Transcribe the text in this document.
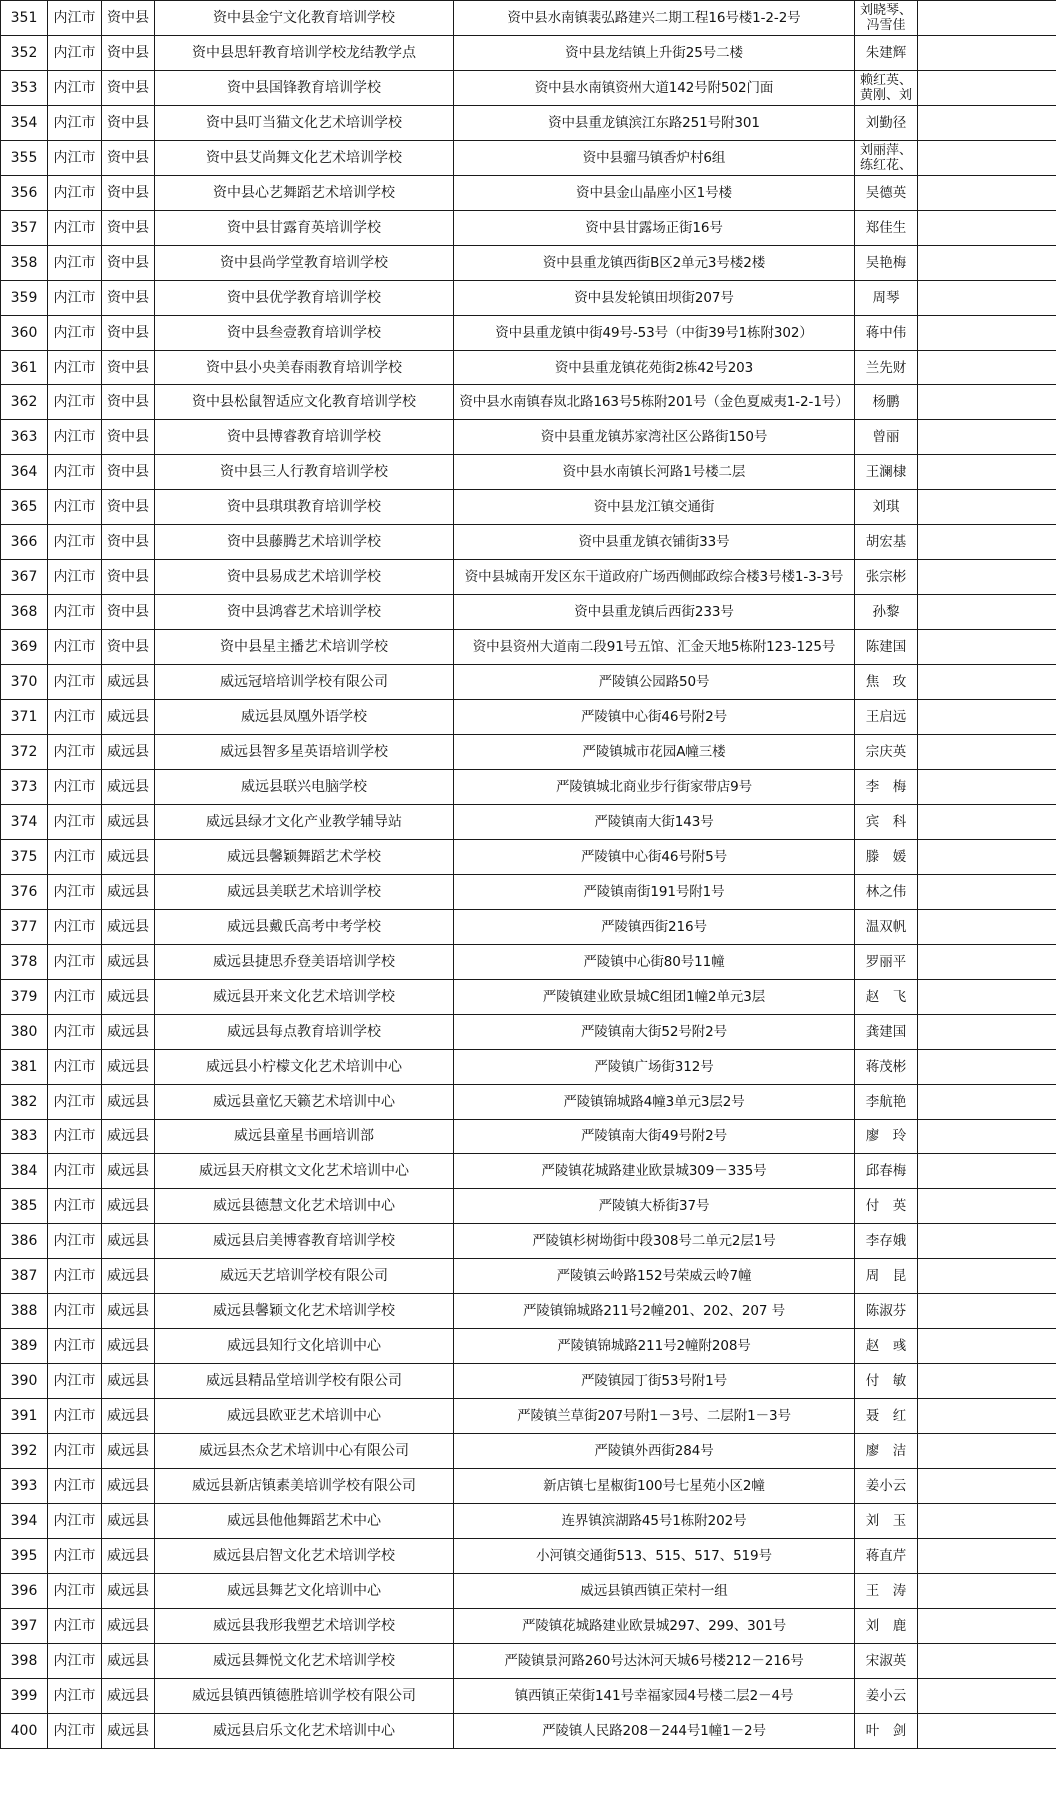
351	内江市	资中县	资中县金宁文化教育培训学校	资中县水南镇裴弘路建兴二期工程16号楼1-2-2号	刘晓琴、冯雪佳	
352	内江市	资中县	资中县思轩教育培训学校龙结教学点	资中县龙结镇上升街25号二楼	朱建辉	
353	内江市	资中县	资中县国锋教育培训学校	资中县水南镇资州大道142号附502门面	赖红英、黄刚、刘	
354	内江市	资中县	资中县叮当猫文化艺术培训学校	资中县重龙镇滨江东路251号附301	刘勤径	
355	内江市	资中县	资中县艾尚舞文化艺术培训学校	资中县骝马镇香炉村6组	刘丽萍、练红花、	
356	内江市	资中县	资中县心艺舞蹈艺术培训学校	资中县金山晶座小区1号楼	吴德英	
357	内江市	资中县	资中县甘露育英培训学校	资中县甘露场正街16号	郑佳生	
358	内江市	资中县	资中县尚学堂教育培训学校	资中县重龙镇西街B区2单元3号楼2楼	吴艳梅	
359	内江市	资中县	资中县优学教育培训学校	资中县发轮镇田坝街207号	周琴	
360	内江市	资中县	资中县叁壹教育培训学校	资中县重龙镇中街49号-53号（中街39号1栋附302）	蒋中伟	
361	内江市	资中县	资中县小央美春雨教育培训学校	资中县重龙镇花苑街2栋42号203	兰先财	
362	内江市	资中县	资中县松鼠智适应文化教育培训学校	资中县水南镇春岚北路163号5栋附201号（金色夏威夷1-2-1号）	杨鹏	
363	内江市	资中县	资中县博睿教育培训学校	资中县重龙镇苏家湾社区公路街150号	曾丽	
364	内江市	资中县	资中县三人行教育培训学校	资中县水南镇长河路1号楼二层	王澜棣	
365	内江市	资中县	资中县琪琪教育培训学校	资中县龙江镇交通街	刘琪	
366	内江市	资中县	资中县藤腾艺术培训学校	资中县重龙镇衣铺街33号	胡宏基	
367	内江市	资中县	资中县易成艺术培训学校	资中县城南开发区东干道政府广场西侧邮政综合楼3号楼1-3-3号	张宗彬	
368	内江市	资中县	资中县鸿睿艺术培训学校	资中县重龙镇后西街233号	孙黎	
369	内江市	资中县	资中县星主播艺术培训学校	资中县资州大道南二段91号五馆、汇金天地5栋附123-125号	陈建国	
370	内江市	威远县	威远冠培培训学校有限公司	严陵镇公园路50号	焦　玫	
371	内江市	威远县	威远县凤凰外语学校	严陵镇中心街46号附2号	王启远	
372	内江市	威远县	威远县智多星英语培训学校	严陵镇城市花园A幢三楼	宗庆英	
373	内江市	威远县	威远县联兴电脑学校	严陵镇城北商业步行街家带店9号	李　梅	
374	内江市	威远县	威远县绿才文化产业教学辅导站	严陵镇南大街143号	宾　科	
375	内江市	威远县	威远县馨颖舞蹈艺术学校	严陵镇中心街46号附5号	滕　媛	
376	内江市	威远县	威远县美联艺术培训学校	严陵镇南街191号附1号	林之伟	
377	内江市	威远县	威远县戴氏高考中考学校	严陵镇西街216号	温双帆	
378	内江市	威远县	威远县捷思乔登美语培训学校	严陵镇中心街80号11幢	罗丽平	
379	内江市	威远县	威远县开来文化艺术培训学校	严陵镇建业欧景城C组团1幢2单元3层	赵　飞	
380	内江市	威远县	威远县每点教育培训学校	严陵镇南大街52号附2号	龚建国	
381	内江市	威远县	威远县小柠檬文化艺术培训中心	严陵镇广场街312号	蒋茂彬	
382	内江市	威远县	威远县童忆天籁艺术培训中心	严陵镇锦城路4幢3单元3层2号	李航艳	
383	内江市	威远县	威远县童星书画培训部	严陵镇南大街49号附2号	廖　玲	
384	内江市	威远县	威远县天府棋文文化艺术培训中心	严陵镇花城路建业欧景城309－335号	邱春梅	
385	内江市	威远县	威远县德慧文化艺术培训中心	严陵镇大桥街37号	付　英	
386	内江市	威远县	威远县启美博睿教育培训学校	严陵镇杉树坳街中段308号二单元2层1号	李存娥	
387	内江市	威远县	威远天艺培训学校有限公司	严陵镇云岭路152号荣威云岭7幢	周　昆	
388	内江市	威远县	威远县馨颖文化艺术培训学校	严陵镇锦城路211号2幢201、202、207 号	陈淑芬	
389	内江市	威远县	威远县知行文化培训中心	严陵镇锦城路211号2幢附208号	赵　彧	
390	内江市	威远县	威远县精品堂培训学校有限公司	严陵镇园丁街53号附1号	付　敏	
391	内江市	威远县	威远县欧亚艺术培训中心	严陵镇兰草街207号附1－3号、二层附1－3号	聂　红	
392	内江市	威远县	威远县杰众艺术培训中心有限公司	严陵镇外西街284号	廖　洁	
393	内江市	威远县	威远县新店镇素美培训学校有限公司	新店镇七星椒街100号七星苑小区2幢	姜小云	
394	内江市	威远县	威远县他他舞蹈艺术中心	连界镇滨湖路45号1栋附202号	刘　玉	
395	内江市	威远县	威远县启智文化艺术培训学校	小河镇交通街513、515、517、519号	蒋直芹	
396	内江市	威远县	威远县舞艺文化培训中心	威远县镇西镇正荣村一组	王　涛	
397	内江市	威远县	威远县我形我塑艺术培训学校	严陵镇花城路建业欧景城297、299、301号	刘　鹿	
398	内江市	威远县	威远县舞悦文化艺术培训学校	严陵镇景河路260号达沐河天城6号楼212－216号	宋淑英	
399	内江市	威远县	威远县镇西镇德胜培训学校有限公司	镇西镇正荣街141号幸福家园4号楼二层2－4号	姜小云	
400	内江市	威远县	威远县启乐文化艺术培训中心	严陵镇人民路208－244号1幢1－2号	叶　剑	
